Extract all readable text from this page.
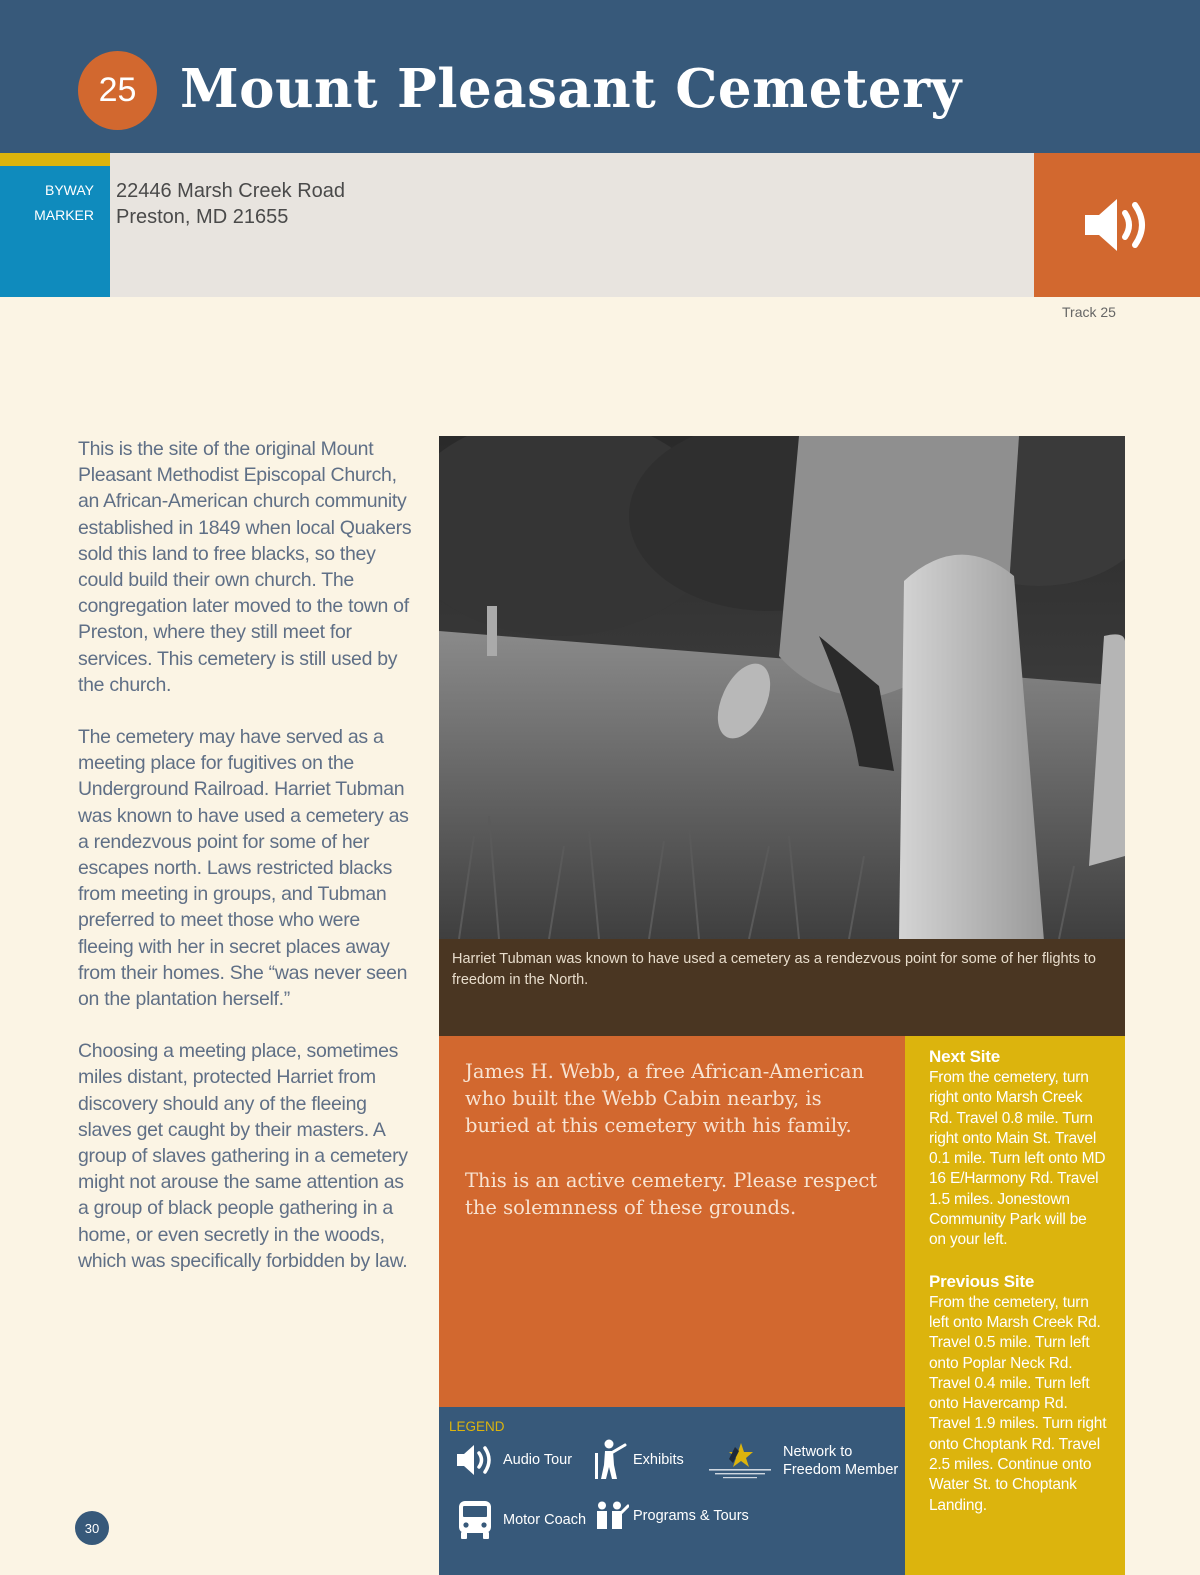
25 Mount Pleasant Cemetery
BYWAY
MARKER
22446 Marsh Creek Road
Preston, MD 21655
Track 25

This is the site of the original Mount Pleasant Methodist Episcopal Church, an African-American church community established in 1849 when local Quakers sold this land to free blacks, so they could build their own church. The congregation later moved to the town of Preston, where they still meet for services. This cemetery is still used by the church.

The cemetery may have served as a meeting place for fugitives on the Underground Railroad. Harriet Tubman was known to have used a cemetery as a rendezvous point for some of her escapes north. Laws restricted blacks from meeting in groups, and Tubman preferred to meet those who were fleeing with her in secret places away from their homes. She “was never seen on the plantation herself.”

Choosing a meeting place, sometimes miles distant, protected Harriet from discovery should any of the fleeing slaves get caught by their masters. A group of slaves gathering in a cemetery might not arouse the same attention as a group of black people gathering in a home, or even secretly in the woods, which was specifically forbidden by law.

Harriet Tubman was known to have used a cemetery as a rendezvous point for some of her flights to freedom in the North.

James H. Webb, a free African-American who built the Webb Cabin nearby, is buried at this cemetery with his family.

This is an active cemetery. Please respect the solemnness of these grounds.

LEGEND
Audio Tour	Exhibits	Network to
Freedom Member
Motor Coach	Programs & Tours
Next Site
From the cemetery, turn right onto Marsh Creek Rd. Travel 0.8 mile. Turn right onto Main St. Travel 0.1 mile. Turn left onto MD 16 E/Harmony Rd. Travel 1.5 miles. Jonestown Community Park will be on your left.
Previous Site
From the cemetery, turn left onto Marsh Creek Rd. Travel 0.5 mile. Turn left onto Poplar Neck Rd. Travel 0.4 mile. Turn left onto Havercamp Rd. Travel 1.9 miles. Turn right onto Choptank Rd. Travel 2.5 miles. Continue onto Water St. to Choptank Landing.
30
